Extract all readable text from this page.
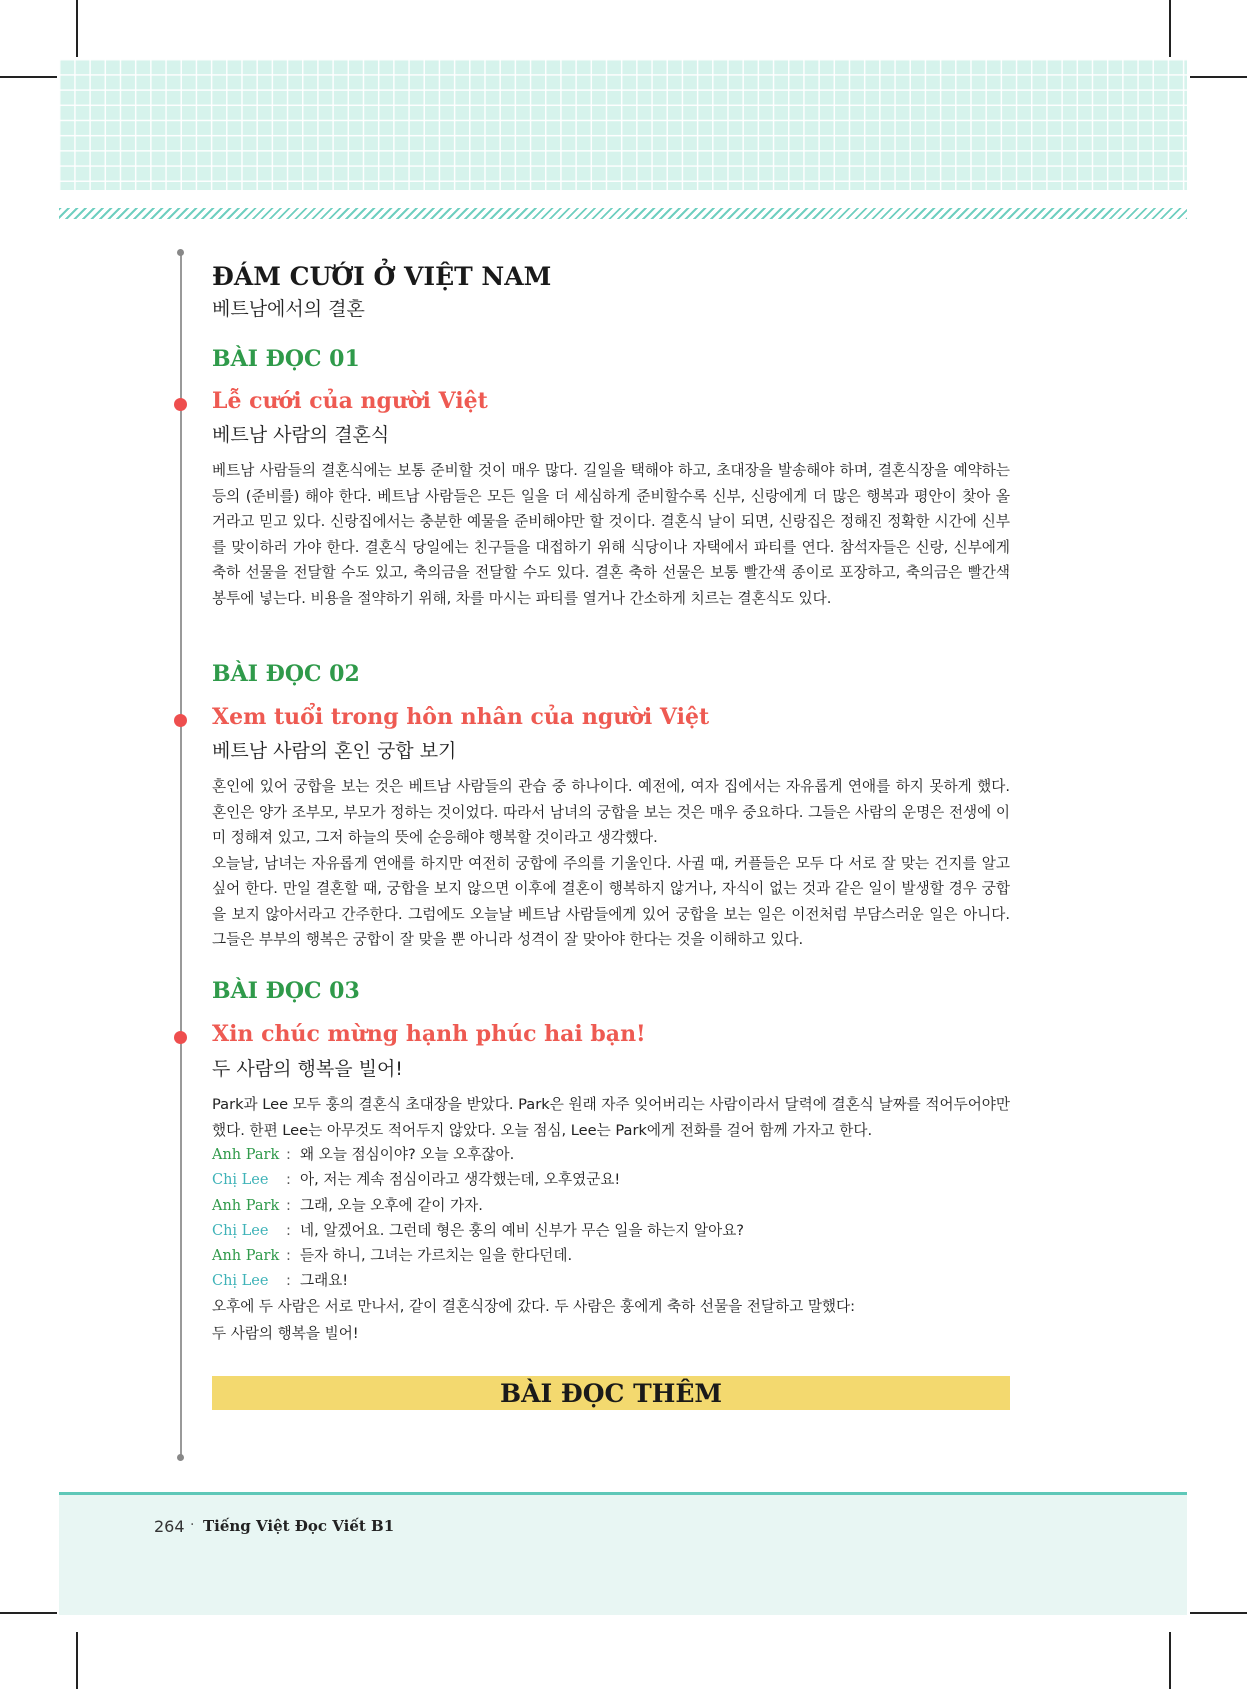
ĐÁM CƯỚI Ở VIỆT NAM
베트남에서의 결혼
BÀI ĐỌC 01
Lễ cưới của người Việt
베트남 사람의 결혼식
베트남 사람들의 결혼식에는 보통 준비할 것이 매우 많다. 길일을 택해야 하고, 초대장을 발송해야 하며, 결혼식장을 예약하는 등의 (준비를) 해야 한다. 베트남 사람들은 모든 일을 더 세심하게 준비할수록 신부, 신랑에게 더 많은 행복과 평안이 찾아 올 거라고 믿고 있다. 신랑집에서는 충분한 예물을 준비해야만 할 것이다. 결혼식 날이 되면, 신랑집은 정해진 정확한 시간에 신부를 맞이하러 가야 한다. 결혼식 당일에는 친구들을 대접하기 위해 식당이나 자택에서 파티를 연다. 참석자들은 신랑, 신부에게 축하 선물을 전달할 수도 있고, 축의금을 전달할 수도 있다. 결혼 축하 선물은 보통 빨간색 종이로 포장하고, 축의금은 빨간색 봉투에 넣는다. 비용을 절약하기 위해, 차를 마시는 파티를 열거나 간소하게 치르는 결혼식도 있다.
BÀI ĐỌC 02
Xem tuổi trong hôn nhân của người Việt
베트남 사람의 혼인 궁합 보기
혼인에 있어 궁합을 보는 것은 베트남 사람들의 관습 중 하나이다. 예전에, 여자 집에서는 자유롭게 연애를 하지 못하게 했다. 혼인은 양가 조부모, 부모가 정하는 것이었다. 따라서 남녀의 궁합을 보는 것은 매우 중요하다. 그들은 사람의 운명은 전생에 이미 정해져 있고, 그저 하늘의 뜻에 순응해야 행복할 것이라고 생각했다.
오늘날, 남녀는 자유롭게 연애를 하지만 여전히 궁합에 주의를 기울인다. 사귈 때, 커플들은 모두 다 서로 잘 맞는 건지를 알고 싶어 한다. 만일 결혼할 때, 궁합을 보지 않으면 이후에 결혼이 행복하지 않거나, 자식이 없는 것과 같은 일이 발생할 경우 궁합을 보지 않아서라고 간주한다. 그럼에도 오늘날 베트남 사람들에게 있어 궁합을 보는 일은 이전처럼 부담스러운 일은 아니다. 그들은 부부의 행복은 궁합이 잘 맞을 뿐 아니라 성격이 잘 맞아야 한다는 것을 이해하고 있다.
BÀI ĐỌC 03
Xin chúc mừng hạnh phúc hai bạn!
두 사람의 행복을 빌어!
Park과 Lee 모두 훙의 결혼식 초대장을 받았다. Park은 원래 자주 잊어버리는 사람이라서 달력에 결혼식 날짜를 적어두어야만 했다. 한편 Lee는 아무것도 적어두지 않았다. 오늘 점심, Lee는 Park에게 전화를 걸어 함께 가자고 한다.
Anh Park : 왜 오늘 점심이야? 오늘 오후잖아.
Chị Lee : 아, 저는 계속 점심이라고 생각했는데, 오후였군요!
Anh Park : 그래, 오늘 오후에 같이 가자.
Chị Lee : 네, 알겠어요. 그런데 형은 훙의 예비 신부가 무슨 일을 하는지 알아요?
Anh Park : 듣자 하니, 그녀는 가르치는 일을 한다던데.
Chị Lee : 그래요!
오후에 두 사람은 서로 만나서, 같이 결혼식장에 갔다. 두 사람은 훙에게 축하 선물을 전달하고 말했다:
두 사람의 행복을 빌어!
BÀI ĐỌC THÊM
264 · Tiếng Việt Đọc Viết B1
